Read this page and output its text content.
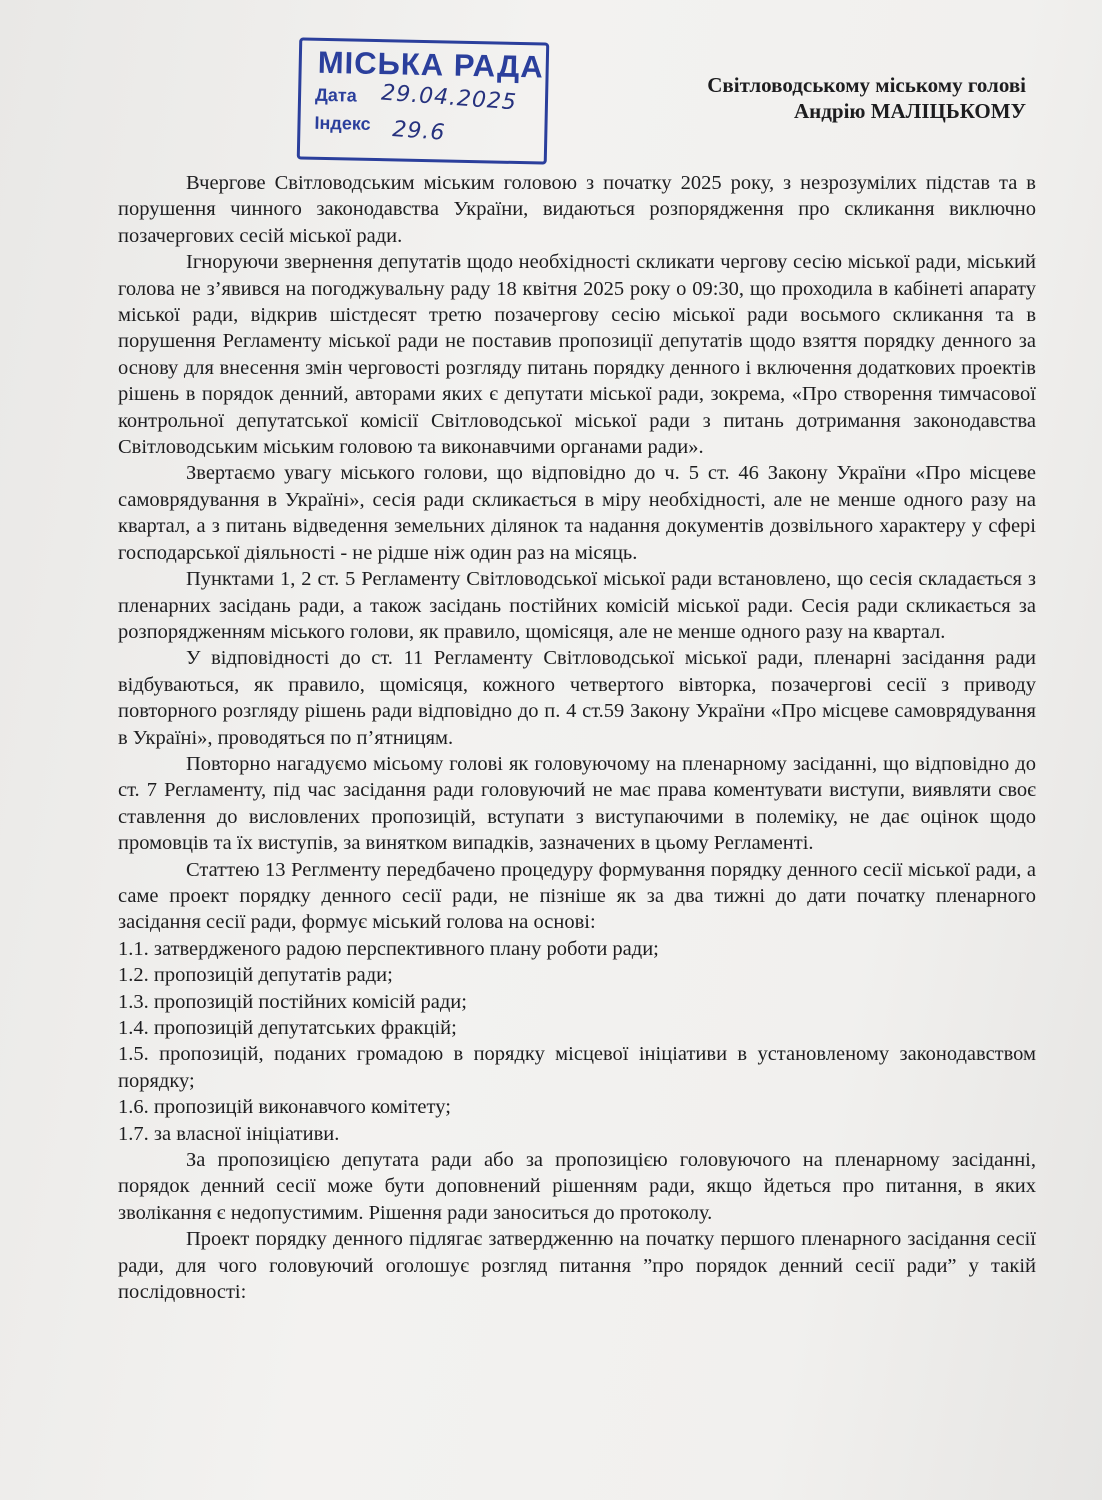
МІСЬКА РАДА
Дата 29.04.2025
Індекс 29.6
Світловодському міському голові
Андрію МАЛІЦЬКОМУ

Вчергове Світловодським міським головою з початку 2025 року, з незрозумілих підстав та в порушення чинного законодавства України, видаються розпорядження про скликання виключно позачергових сесій міської ради.

Ігноруючи звернення депутатів щодо необхідності скликати чергову сесію міської ради, міський голова не з’явився на погоджувальну раду 18 квітня 2025 року о 09:30, що проходила в кабінеті апарату міської ради, відкрив шістдесят третю позачергову сесію міської ради восьмого скликання та в порушення Регламенту міської ради не поставив пропозиції депутатів щодо взяття порядку денного за основу для внесення змін черговості розгляду питань порядку денного і включення додаткових проектів рішень в порядок денний, авторами яких є депутати міської ради, зокрема, «Про створення тимчасової контрольної депутатської комісії Світловодської міської ради з питань дотримання законодавства Світловодським міським головою та виконавчими органами ради».

Звертаємо увагу міського голови, що відповідно до ч. 5 ст. 46 Закону України «Про місцеве самоврядування в Україні», сесія ради скликається в міру необхідності, але не менше одного разу на квартал, а з питань відведення земельних ділянок та надання документів дозвільного характеру у сфері господарської діяльності - не рідше ніж один раз на місяць.

Пунктами 1, 2 ст. 5 Регламенту Світловодської міської ради встановлено, що сесія складається з пленарних засідань ради, а також засідань постійних комісій міської ради. Сесія ради скликається за розпорядженням міського голови, як правило, щомісяця, але не менше одного разу на квартал.

У відповідності до ст. 11 Регламенту Світловодської міської ради, пленарні засідання ради відбуваються, як правило, щомісяця, кожного четвертого вівторка, позачергові сесії з приводу повторного розгляду рішень ради відповідно до п. 4 ст.59 Закону України «Про місцеве самоврядування в Україні», проводяться по п’ятницям.

Повторно нагадуємо місьому голові як головуючому на пленарному засіданні, що відповідно до ст. 7 Регламенту, під час засідання ради головуючий не має права коментувати виступи, виявляти своє ставлення до висловлених пропозицій, вступати з виступаючими в полеміку, не дає оцінок щодо промовців та їх виступів, за винятком випадків, зазначених в цьому Регламенті.

Статтею 13 Реглменту передбачено процедуру формування порядку денного сесії міської ради, а саме проект порядку денного сесії ради, не пізніше як за два тижні до дати початку пленарного засідання сесії ради, формує міський голова на основі:

1.1. затвердженого радою перспективного плану роботи ради;
1.2. пропозицій депутатів ради;
1.3. пропозицій постійних комісій ради;
1.4. пропозицій депутатських фракцій;
1.5. пропозицій, поданих громадою в порядку місцевої ініціативи в установленому законодавством порядку;
1.6. пропозицій виконавчого комітету;
1.7. за власної ініціативи.

За пропозицією депутата ради або за пропозицією головуючого на пленарному засіданні, порядок денний сесії може бути доповнений рішенням ради, якщо йдеться про питання, в яких зволікання є недопустимим. Рішення ради заноситься до протоколу.

Проект порядку денного підлягає затвердженню на початку першого пленарного засідання сесії ради, для чого головуючий оголошує розгляд питання ”про порядок денний сесії ради” у такій послідовності:
